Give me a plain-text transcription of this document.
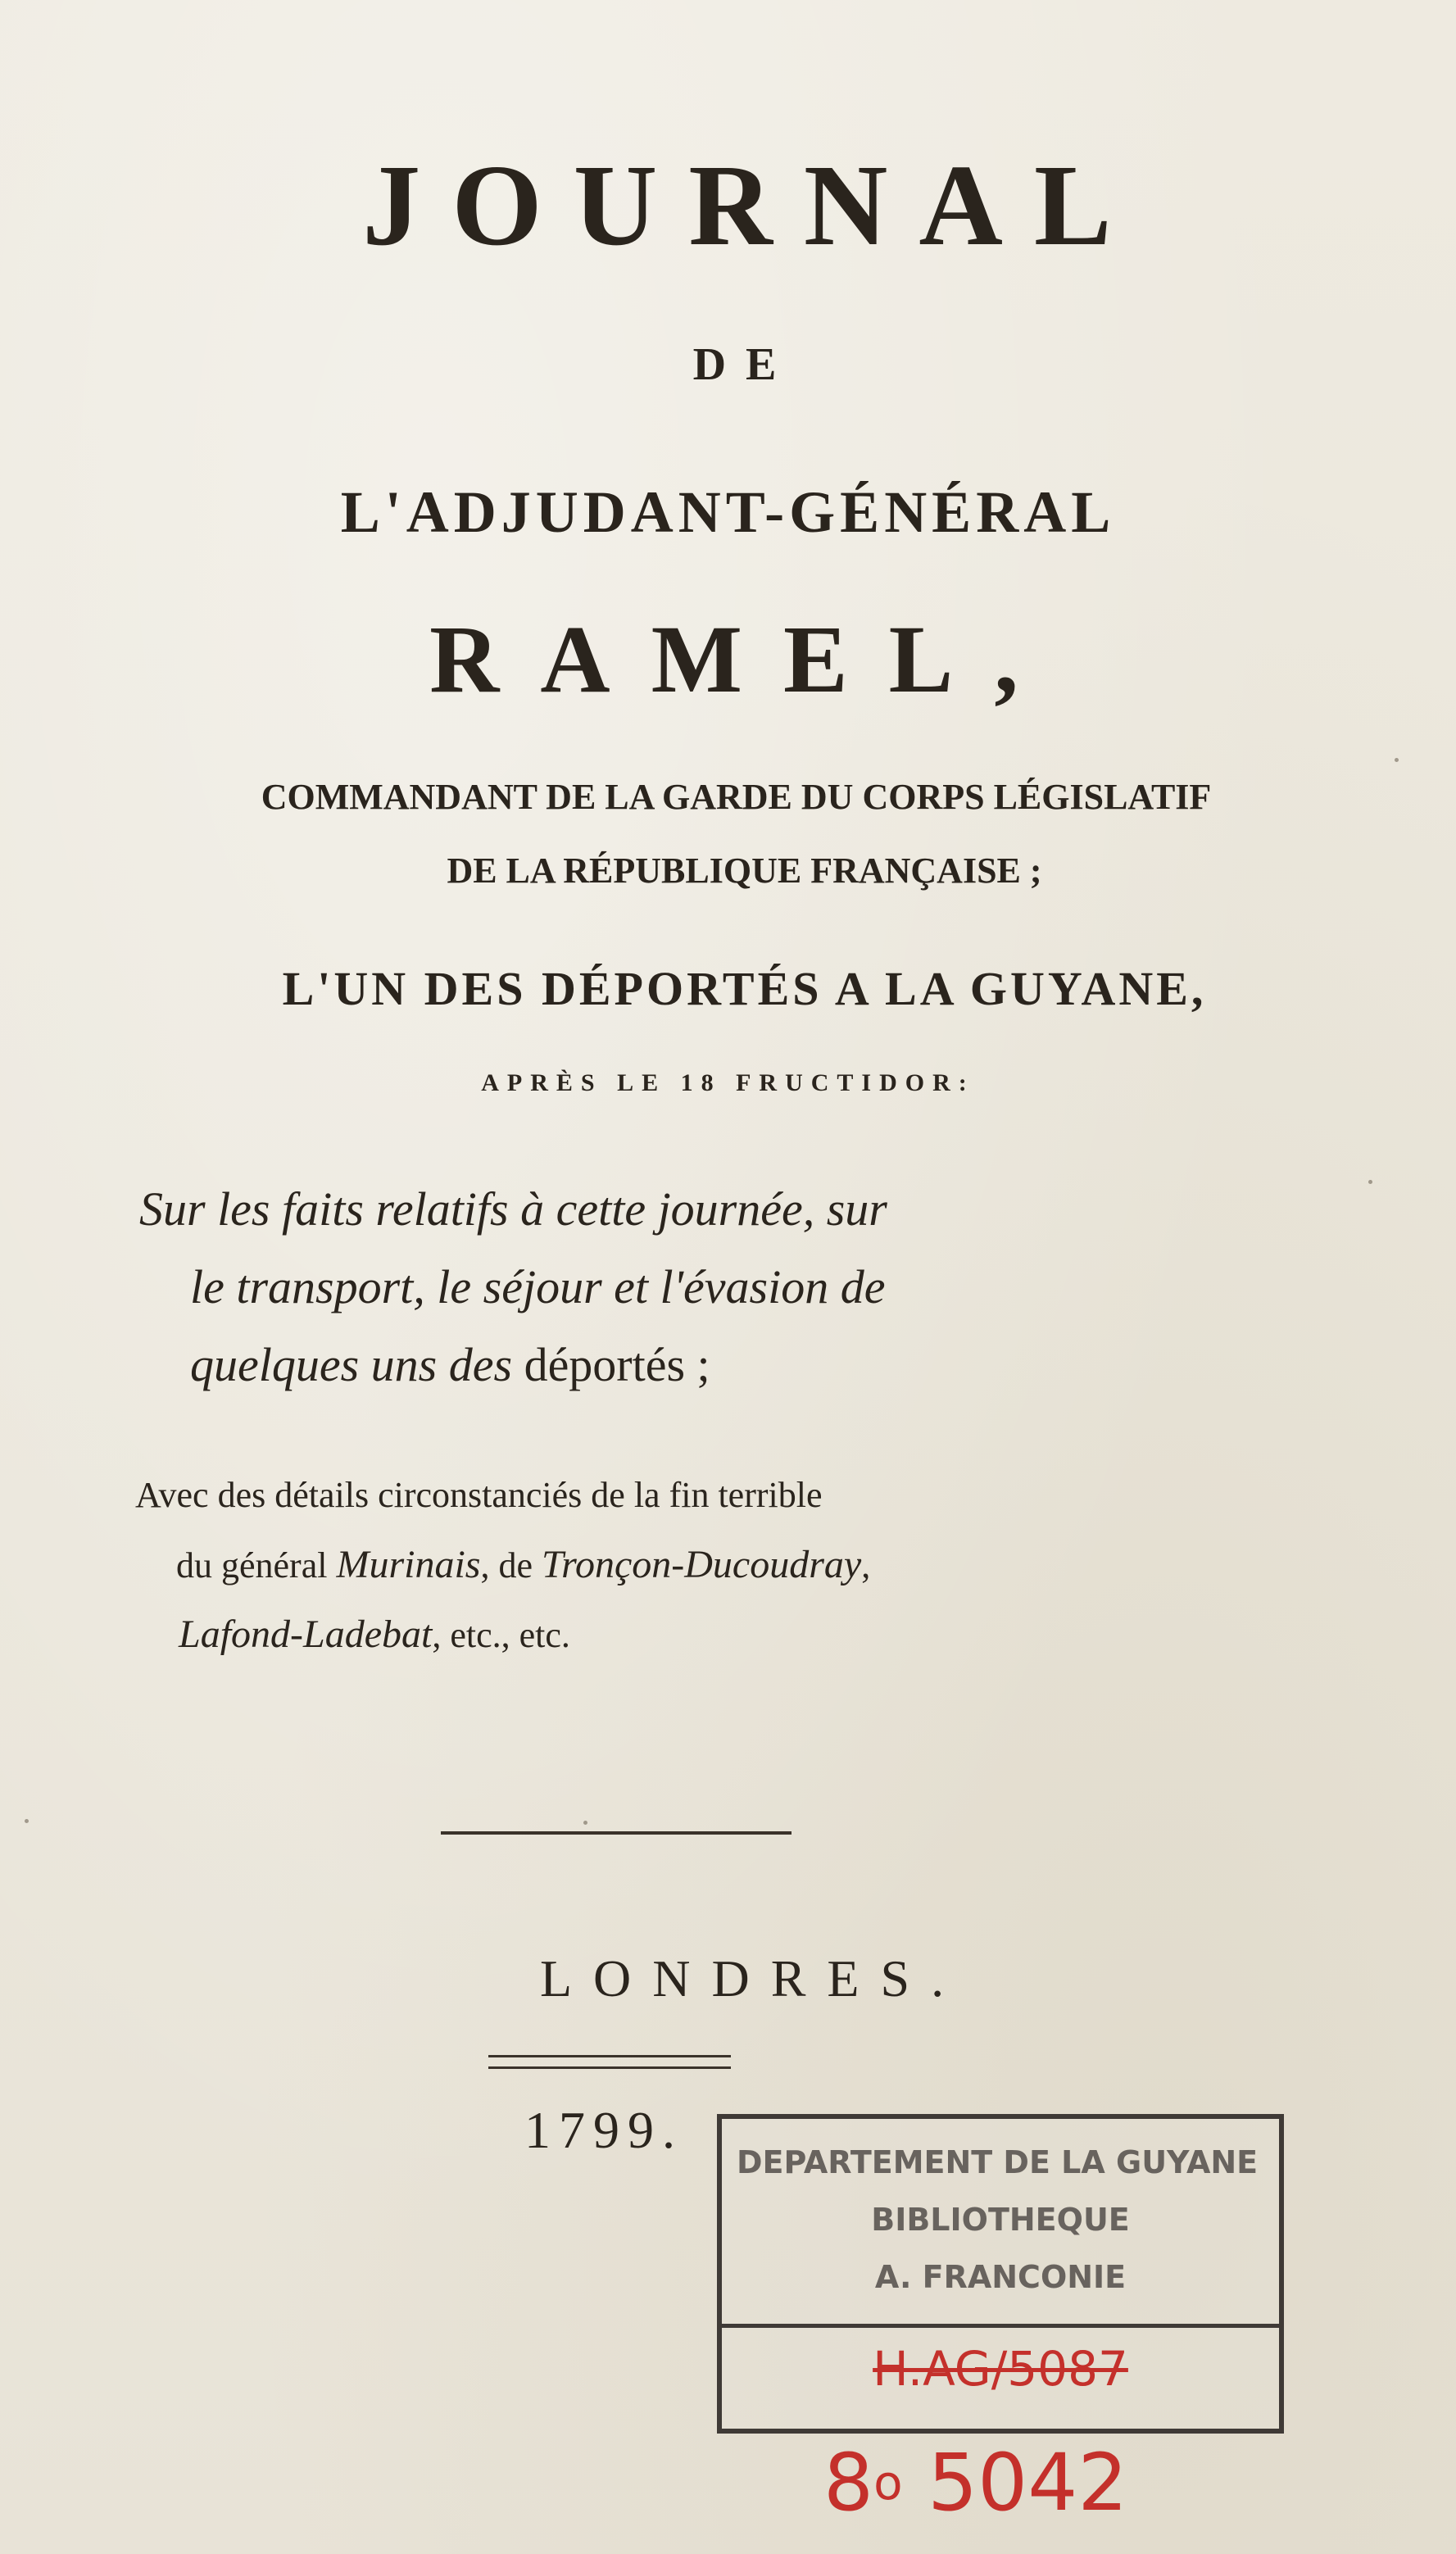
JOURNAL
DE
L'ADJUDANT-GÉNÉRAL
RAMEL,
COMMANDANT DE LA GARDE DU CORPS LÉGISLATIF
DE LA RÉPUBLIQUE FRANÇAISE ;
L'UN DES DÉPORTÉS A LA GUYANE,
APRÈS LE 18 FRUCTIDOR:
Sur les faits relatifs à cette journée, sur
le transport, le séjour et l'évasion de
quelques uns des déportés ;
Avec des détails circonstanciés de la fin terrible
du général Murinais, de Tronçon-Ducoudray,
Lafond-Ladebat, etc., etc.
LONDRES.
1799.
DEPARTEMENT DE LA GUYANE
BIBLIOTHEQUE
A. FRANCONIE
H.AG/5087
8$^o$ 5042
